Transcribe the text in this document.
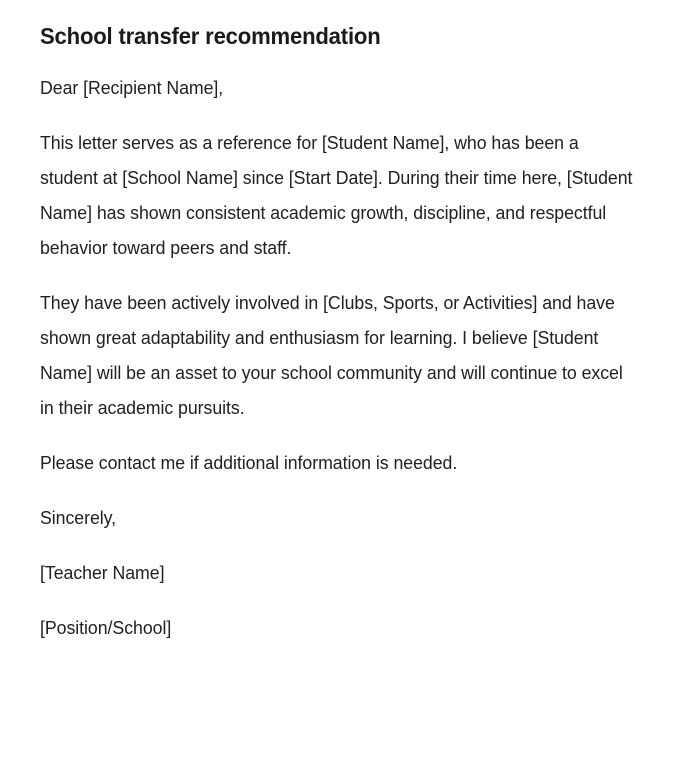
School transfer recommendation

Dear [Recipient Name],

This letter serves as a reference for [Student Name], who has been a student at [School Name] since [Start Date]. During their time here, [Student Name] has shown consistent academic growth, discipline, and respectful behavior toward peers and staff.

They have been actively involved in [Clubs, Sports, or Activities] and have shown great adaptability and enthusiasm for learning. I believe [Student Name] will be an asset to your school community and will continue to excel in their academic pursuits.

Please contact me if additional information is needed.

Sincerely,

[Teacher Name]

[Position/School]
